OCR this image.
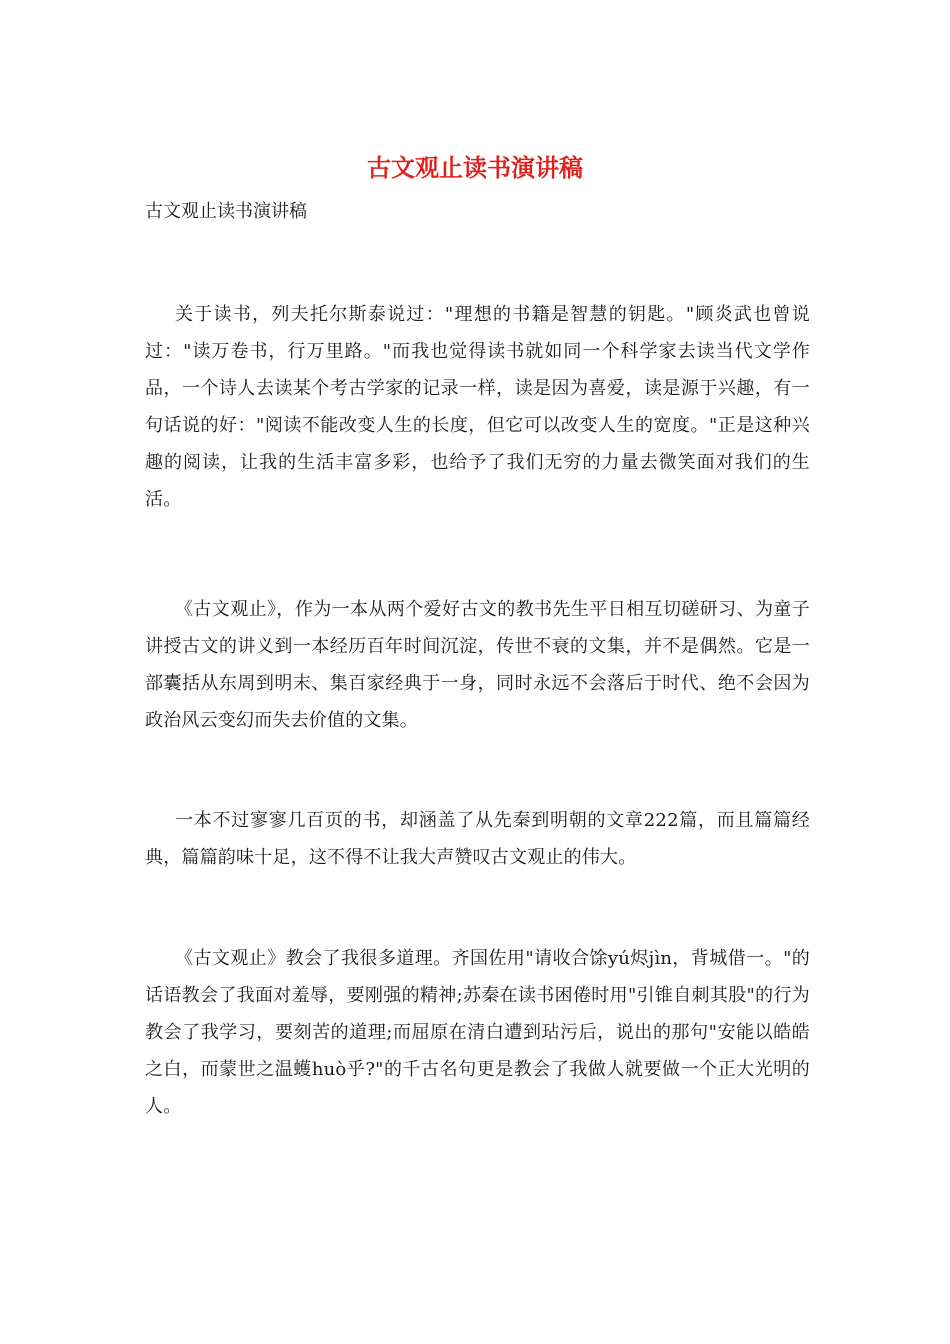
古文观止读书演讲稿

古文观止读书演讲稿

关于读书，列夫托尔斯泰说过："理想的书籍是智慧的钥匙。"顾炎武也曾说过："读万卷书，行万里路。"而我也觉得读书就如同一个科学家去读当代文学作品，一个诗人去读某个考古学家的记录一样，读是因为喜爱，读是源于兴趣，有一句话说的好："阅读不能改变人生的长度，但它可以改变人生的宽度。"正是这种兴趣的阅读，让我的生活丰富多彩，也给予了我们无穷的力量去微笑面对我们的生活。

《古文观止》，作为一本从两个爱好古文的教书先生平日相互切磋研习、为童子讲授古文的讲义到一本经历百年时间沉淀，传世不衰的文集，并不是偶然。它是一部囊括从东周到明末、集百家经典于一身，同时永远不会落后于时代、绝不会因为政治风云变幻而失去价值的文集。

一本不过寥寥几百页的书，却涵盖了从先秦到明朝的文章222篇，而且篇篇经典，篇篇韵味十足，这不得不让我大声赞叹古文观止的伟大。

《古文观止》教会了我很多道理。齐国佐用"请收合馀yú烬jìn，背城借一。"的话语教会了我面对羞辱，要刚强的精神;苏秦在读书困倦时用"引锥自刺其股"的行为教会了我学习，要刻苦的道理;而屈原在清白遭到玷污后，说出的那句"安能以皓皓之白，而蒙世之温蠖huò乎?"的千古名句更是教会了我做人就要做一个正大光明的人。
